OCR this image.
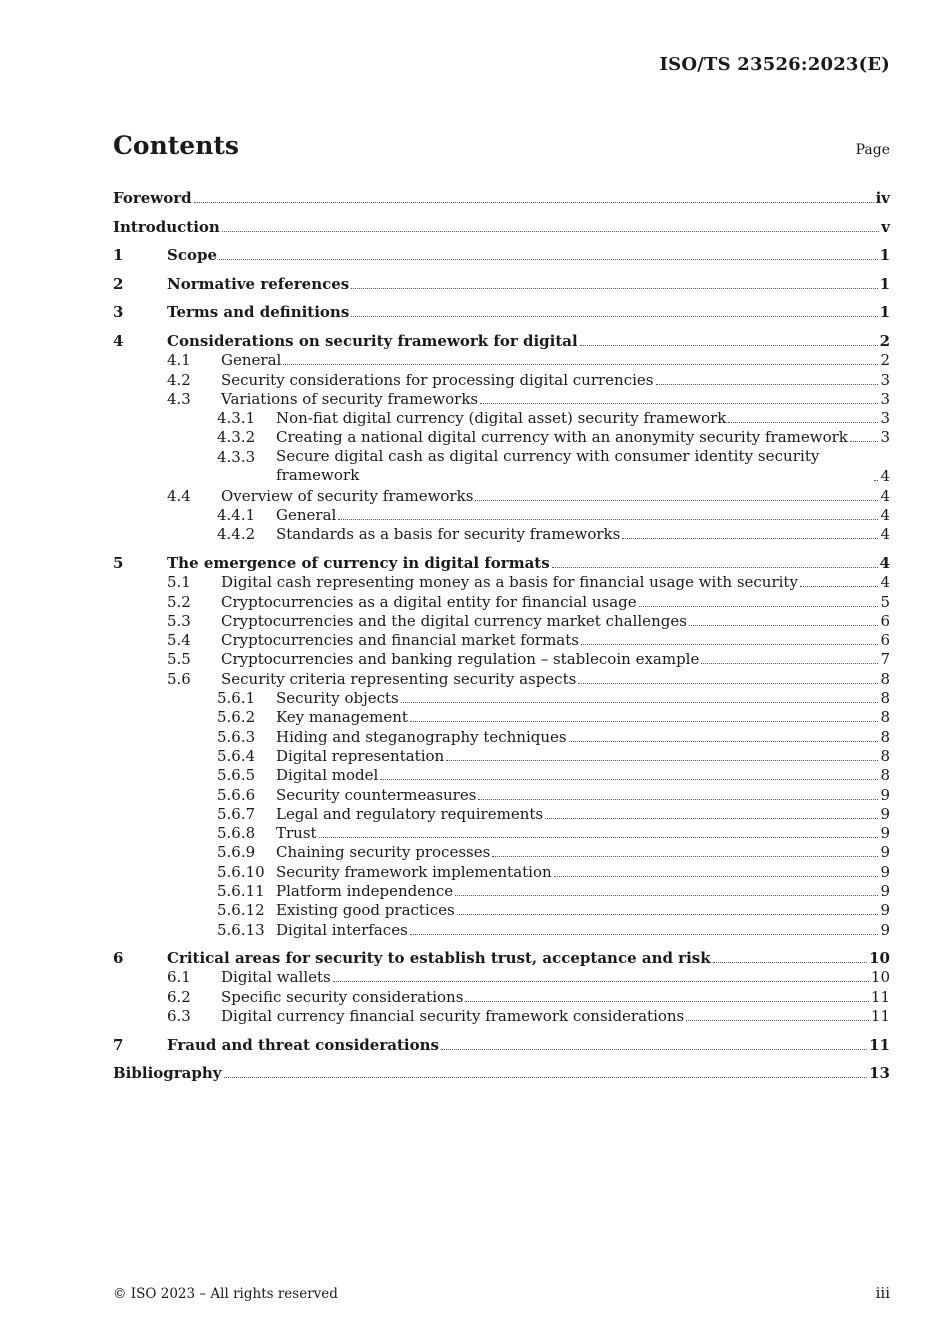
ISO/TS 23526:2023(E)
Contents	Page
Foreword	iv
Introduction	v
1	Scope	1
2	Normative references	1
3	Terms and definitions	1
4	Considerations on security framework for digital	2
4.1 General	2
4.2 Security considerations for processing digital currencies	3
4.3 Variations of security frameworks	3
4.3.1 Non-fiat digital currency (digital asset) security framework	3
4.3.2 Creating a national digital currency with an anonymity security framework 3
4.3.3 Secure digital cash as digital currency with consumer identity security framework	4
4.4 Overview of security frameworks	4
4.4.1 General	4
4.4.2 Standards as a basis for security frameworks	4
5	The emergence of currency in digital formats	4
5.1 Digital cash representing money as a basis for financial usage with security	4
5.2 Cryptocurrencies as a digital entity for financial usage	5
5.3 Cryptocurrencies and the digital currency market challenges	6
5.4 Cryptocurrencies and financial market formats	6
5.5 Cryptocurrencies and banking regulation – stablecoin example	7
5.6 Security criteria representing security aspects	8
5.6.1 Security objects	8
5.6.2 Key management	8
5.6.3 Hiding and steganography techniques	8
5.6.4 Digital representation	8
5.6.5 Digital model	8
5.6.6 Security countermeasures	9
5.6.7 Legal and regulatory requirements	9
5.6.8 Trust	9
5.6.9 Chaining security processes	9
5.6.10 Security framework implementation	9
5.6.11 Platform independence	9
5.6.12 Existing good practices	9
5.6.13 Digital interfaces	9
6	Critical areas for security to establish trust, acceptance and risk	10
6.1 Digital wallets	10
6.2 Specific security considerations	11
6.3 Digital currency financial security framework considerations	11
7	Fraud and threat considerations	11
Bibliography	13
© ISO 2023 – All rights reserved	iii
